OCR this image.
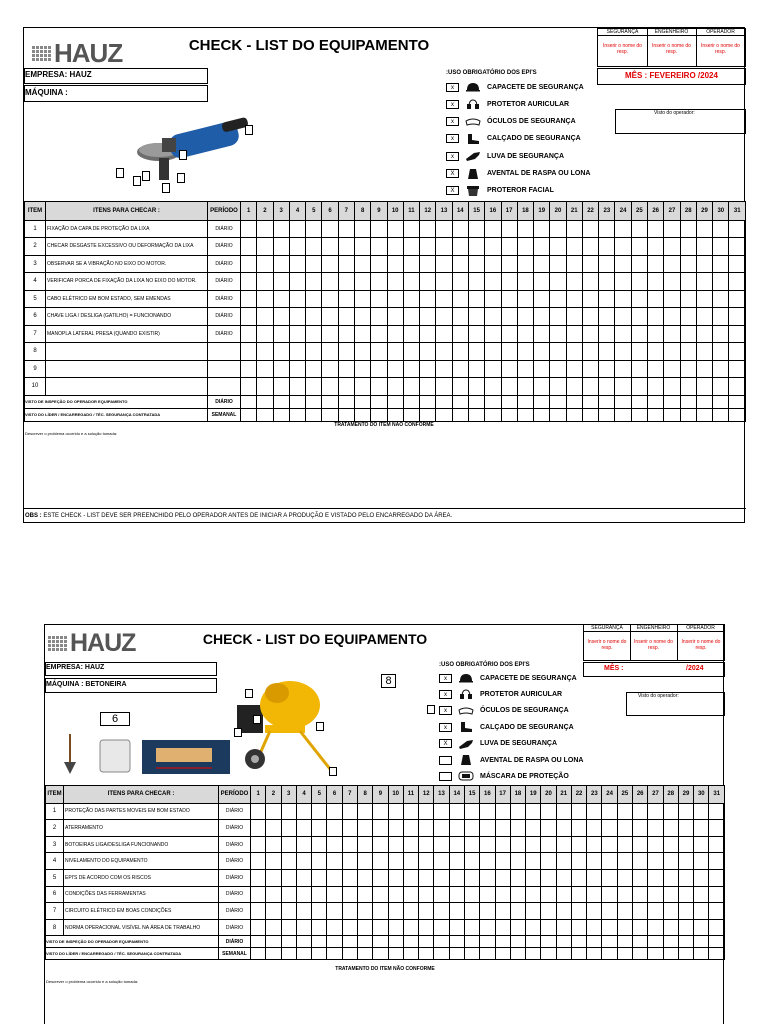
HAUZ	CHECK - LIST DO EQUIPAMENTO
SEGURANÇA	ENGENHEIRO	OPERADOR
Inserir o nome do resp.
Inserir o nome do resp.
Inserir o nome do resp.
EMPRESA: HAUZ
MÁQUINA :
:USO OBRIGATÓRIO DOS EPI'S	MÊS : FEVEREIRO /2024
Visto do operador:
x	CAPACETE DE SEGURANÇA
x	PROTETOR AURICULAR
x	ÓCULOS DE SEGURANÇA
x	CALÇADO DE SEGURANÇA
x	LUVA DE SEGURANÇA
X	AVENTAL DE RASPA OU LONA
X	PROTEROR FACIAL
ITEM	ITENS PARA CHECAR :	PERÍODO	1	2	3	4	5	6	7	8	9	10	11	12	13	14	15	16	17	18	19	20	21	22	23	24	25	26	27	28	29	30	31
1	FIXAÇÃO DA CAPA DE PROTEÇÃO DA LIXA	DIÁRIO																															
2	CHECAR DESGASTE EXCESSIVO OU DEFORMAÇÃO DA LIXA	DIÁRIO																															
3	OBSERVAR SE A VIBRAÇÃO NO EIXO DO MOTOR.	DIÁRIO																															
4	VERIFICAR PORCA DE FIXAÇÃO DA LIXA NO EIXO DO MOTOR.	DIÁRIO																															
5	CABO ELÉTRICO EM BOM ESTADO, SEM EMENDAS	DIÁRIO																															
6	CHAVE LIGA / DESLIGA (GATILHO) = FUNCIONANDO	DIÁRIO																															
7	MANOPLA LATERAL PRESA (QUANDO EXISTIR)	DIÁRIO																															
8																																	
9																																	
10																																	
VISTO DE INSPEÇÃO DO OPERADOR EQUIPAMENTO		DIÁRIO																															
VISTO DO LÍDER / ENCARREGADO / TÉC. SEGURANÇA CONTRATADA		SEMANAL																															
TRATAMENTO DO ITEM NÃO CONFORME
Descrever o problema ocorrido e a solução tomada:
OBS : ESTE CHECK - LIST DEVE SER PREENCHIDO PELO OPERADOR ANTES DE INICIAR A PRODUÇÃO E VISTADO PELO ENCARREGADO DA ÁREA.
HAUZ	CHECK - LIST DO EQUIPAMENTO
SEGURANÇA	ENGENHEIRO	OPERADOR
Inserir o nome do resp.
Inserir o nome do resp.
Inserir o nome do resp.
EMPRESA: HAUZ
MÁQUINA : BETONEIRA
:USO OBRIGATÓRIO DOS EPI'S	MÊS :	/2024
Visto do operador:
8
6
x	CAPACETE DE SEGURANÇA
x	PROTETOR AURICULAR
x	ÓCULOS DE SEGURANÇA
x	CALÇADO DE SEGURANÇA
X	LUVA DE SEGURANÇA
AVENTAL DE RASPA OU LONA
MÁSCARA DE PROTEÇÃO
ITEM	ITENS PARA CHECAR :	PERÍODO	1	2	3	4	5	6	7	8	9	10	11	12	13	14	15	16	17	18	19	20	21	22	23	24	25	26	27	28	29	30	31
1	PROTEÇÃO DAS PARTES MOVEIS EM BOM ESTADO	DIÁRIO																															
2	ATERRAMENTO	DIÁRIO																															
3	BOTOEIRAS LIGA/DESLIGA FUNCIONANDO	DIÁRIO																															
4	NIVELAMENTO DO EQUIPAMENTO	DIÁRIO																															
5	EPI'S DE ACORDO COM OS RISCOS	DIÁRIO																															
6	CONDIÇÕES DAS FERRAMENTAS	DIÁRIO																															
7	CIRCUITO ELÉTRICO EM BOAS CONDIÇÕES	DIÁRIO																															
8	NORMA OPERACIONAL VISÍVEL NA ÁREA DE TRABALHO	DIÁRIO																															
VISTO DE INSPEÇÃO DO OPERADOR EQUIPAMENTO		DIÁRIO																															
VISTO DO LÍDER / ENCARREGADO / TÉC. SEGURANÇA CONTRATADA		SEMANAL																															
TRATAMENTO DO ITEM NÃO CONFORME
Descrever o problema ocorrido e a solução tomada:
